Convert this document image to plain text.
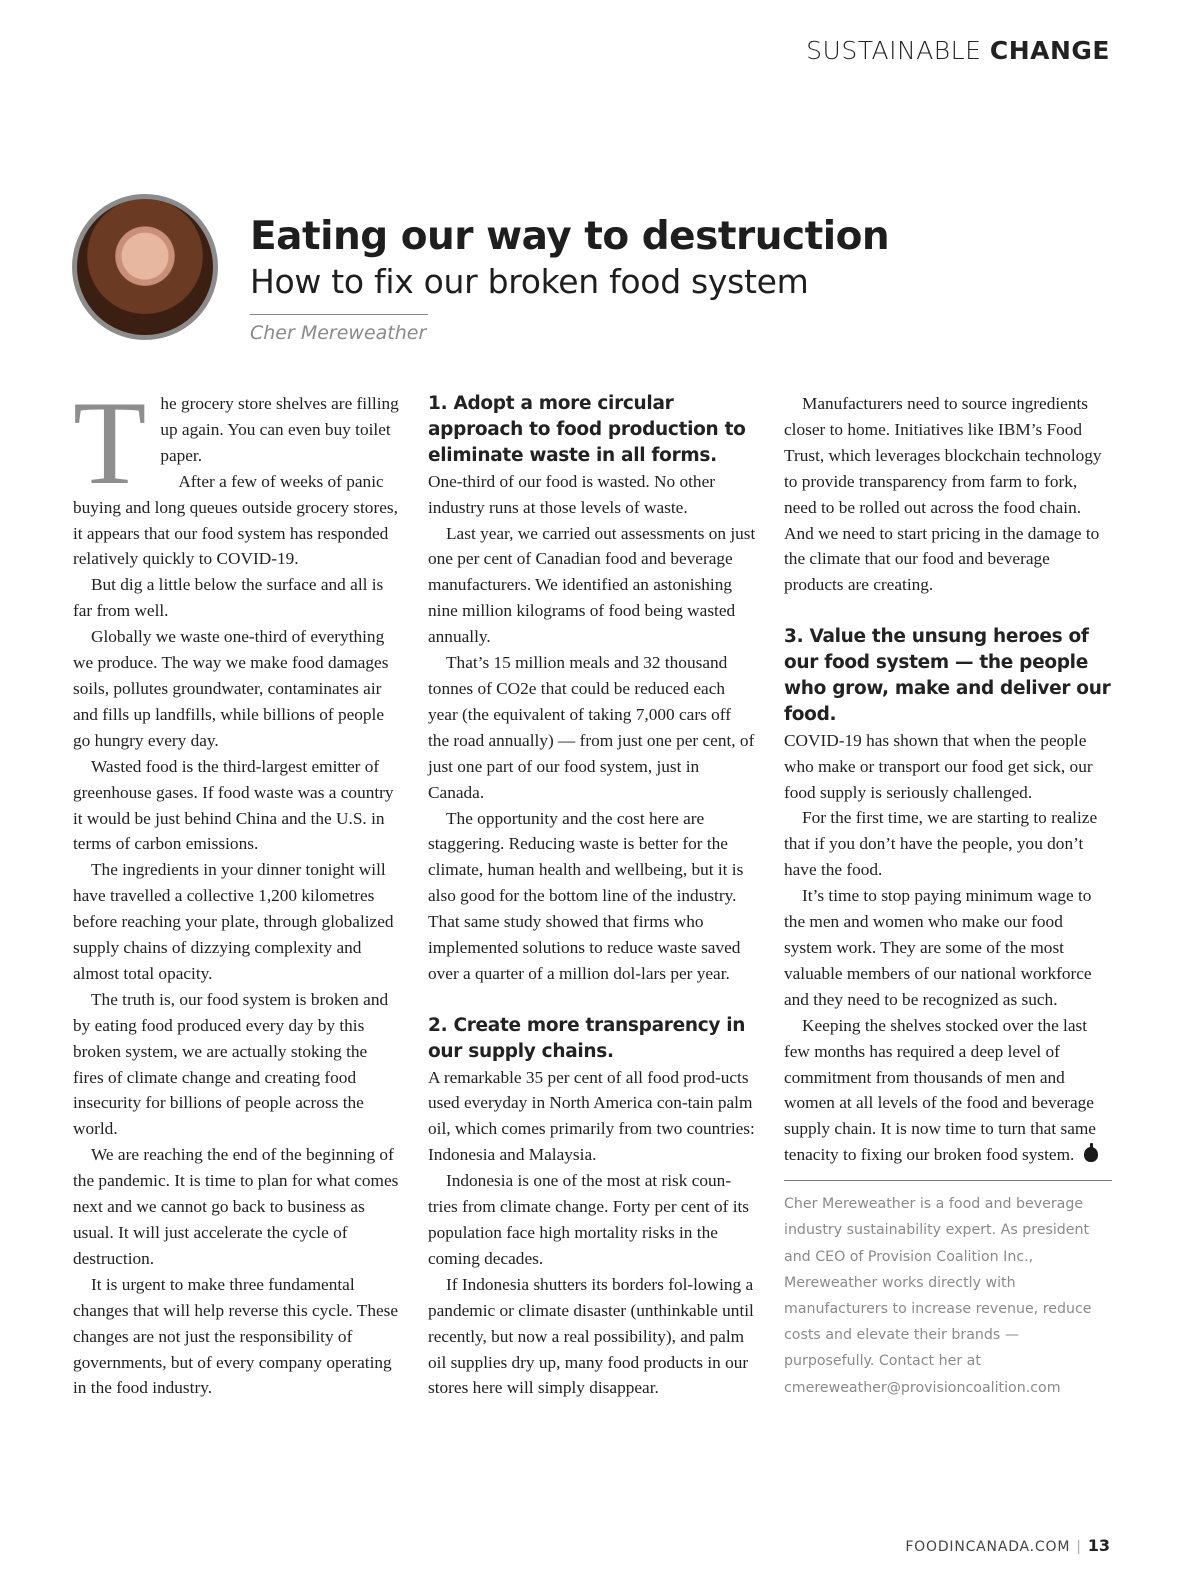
SUSTAINABLE CHANGE
Eating our way to destruction
How to fix our broken food system
Cher Mereweather

The grocery store shelves are filling up again. You can even buy toilet paper.

After a few of weeks of panic buying and long queues outside grocery stores, it appears that our food system has responded relatively quickly to COVID-19.

But dig a little below the surface and all is far from well.

Globally we waste one-third of everything we produce. The way we make food damages soils, pollutes groundwater, contaminates air and fills up landfills, while billions of people go hungry every day.

Wasted food is the third-largest emitter of greenhouse gases. If food waste was a country it would be just behind China and the U.S. in terms of carbon emissions.

The ingredients in your dinner tonight will have travelled a collective 1,200 kilometres before reaching your plate, through globalized supply chains of dizzying complexity and almost total opacity.

The truth is, our food system is broken and by eating food produced every day by this broken system, we are actually stoking the fires of climate change and creating food insecurity for billions of people across the world.

We are reaching the end of the beginning of the pandemic. It is time to plan for what comes next and we cannot go back to business as usual. It will just accelerate the cycle of destruction.

It is urgent to make three fundamental changes that will help reverse this cycle. These changes are not just the responsibility of governments, but of every company operating in the food industry.

1. Adopt a more circular approach to food production to eliminate waste in all forms.

One-third of our food is wasted. No other industry runs at those levels of waste.

Last year, we carried out assessments on just one per cent of Canadian food and beverage manufacturers. We identified an astonishing nine million kilograms of food being wasted annually.

That’s 15 million meals and 32 thousand tonnes of CO2e that could be reduced each year (the equivalent of taking 7,000 cars off the road annually) — from just one per cent, of just one part of our food system, just in Canada.

The opportunity and the cost here are staggering. Reducing waste is better for the climate, human health and wellbeing, but it is also good for the bottom line of the industry. That same study showed that firms who implemented solutions to reduce waste saved over a quarter of a million dol-lars per year.

2. Create more transparency in our supply chains.

A remarkable 35 per cent of all food prod-ucts used everyday in North America con-tain palm oil, which comes primarily from two countries: Indonesia and Malaysia.

Indonesia is one of the most at risk coun-tries from climate change. Forty per cent of its population face high mortality risks in the coming decades.

If Indonesia shutters its borders fol-lowing a pandemic or climate disaster (unthinkable until recently, but now a real possibility), and palm oil supplies dry up, many food products in our stores here will simply disappear.

Manufacturers need to source ingredients closer to home. Initiatives like IBM’s Food Trust, which leverages blockchain technology to provide transparency from farm to fork, need to be rolled out across the food chain. And we need to start pricing in the damage to the climate that our food and beverage products are creating.

3. Value the unsung heroes of our food system — the people who grow, make and deliver our food.

COVID-19 has shown that when the people who make or transport our food get sick, our food supply is seriously challenged.

For the first time, we are starting to realize that if you don’t have the people, you don’t have the food.

It’s time to stop paying minimum wage to the men and women who make our food system work. They are some of the most valuable members of our national workforce and they need to be recognized as such.

Keeping the shelves stocked over the last few months has required a deep level of commitment from thousands of men and women at all levels of the food and beverage supply chain. It is now time to turn that same tenacity to fixing our broken food system.

Cher Mereweather is a food and beverage industry sustainability expert. As president and CEO of Provision Coalition Inc., Mereweather works directly with manufacturers to increase revenue, reduce costs and elevate their brands — purposefully. Contact her at cmereweather@provisioncoalition.com
FOODINCANADA.COM | 13
